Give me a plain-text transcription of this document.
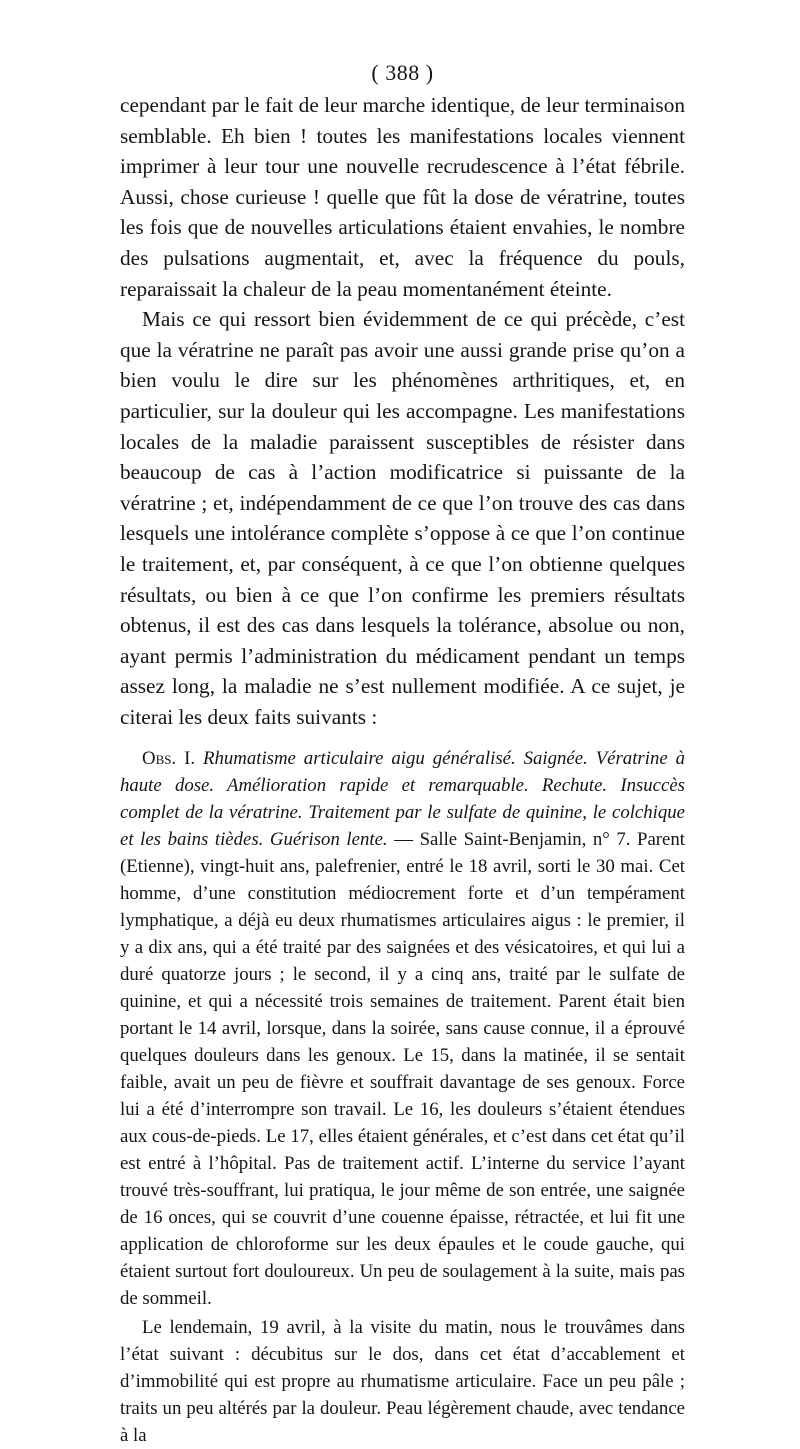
( 388 )

cependant par le fait de leur marche identique, de leur terminaison semblable. Eh bien ! toutes les manifestations locales viennent imprimer à leur tour une nouvelle recrudescence à l’état fébrile. Aussi, chose curieuse ! quelle que fût la dose de vératrine, toutes les fois que de nouvelles articulations étaient envahies, le nombre des pulsations augmentait, et, avec la fréquence du pouls, reparaissait la chaleur de la peau momentanément éteinte.

Mais ce qui ressort bien évidemment de ce qui précède, c’est que la vératrine ne paraît pas avoir une aussi grande prise qu’on a bien voulu le dire sur les phénomènes arthritiques, et, en particulier, sur la douleur qui les accompagne. Les manifestations locales de la maladie paraissent susceptibles de résister dans beaucoup de cas à l’action modificatrice si puissante de la vératrine ; et, indépendamment de ce que l’on trouve des cas dans lesquels une intolérance complète s’oppose à ce que l’on continue le traitement, et, par conséquent, à ce que l’on obtienne quelques résultats, ou bien à ce que l’on confirme les premiers résultats obtenus, il est des cas dans lesquels la tolérance, absolue ou non, ayant permis l’administration du médicament pendant un temps assez long, la maladie ne s’est nullement modifiée. A ce sujet, je citerai les deux faits suivants :

Obs. I. Rhumatisme articulaire aigu généralisé. Saignée. Vératrine à haute dose. Amélioration rapide et remarquable. Rechute. Insuccès complet de la vératrine. Traitement par le sulfate de quinine, le colchique et les bains tièdes. Guérison lente. — Salle Saint-Benjamin, n° 7. Parent (Etienne), vingt-huit ans, palefrenier, entré le 18 avril, sorti le 30 mai. Cet homme, d’une constitution médiocrement forte et d’un tempérament lymphatique, a déjà eu deux rhumatismes articulaires aigus : le premier, il y a dix ans, qui a été traité par des saignées et des vésicatoires, et qui lui a duré quatorze jours ; le second, il y a cinq ans, traité par le sulfate de quinine, et qui a nécessité trois semaines de traitement. Parent était bien portant le 14 avril, lorsque, dans la soirée, sans cause connue, il a éprouvé quelques douleurs dans les genoux. Le 15, dans la matinée, il se sentait faible, avait un peu de fièvre et souffrait davantage de ses genoux. Force lui a été d’interrompre son travail. Le 16, les douleurs s’étaient étendues aux cous-de-pieds. Le 17, elles étaient générales, et c’est dans cet état qu’il est entré à l’hôpital. Pas de traitement actif. L’interne du service l’ayant trouvé très-souffrant, lui pratiqua, le jour même de son entrée, une saignée de 16 onces, qui se couvrit d’une couenne épaisse, rétractée, et lui fit une application de chloroforme sur les deux épaules et le coude gauche, qui étaient surtout fort douloureux. Un peu de soulagement à la suite, mais pas de sommeil.

Le lendemain, 19 avril, à la visite du matin, nous le trouvâmes dans l’état suivant : décubitus sur le dos, dans cet état d’accablement et d’immobilité qui est propre au rhumatisme articulaire. Face un peu pâle ; traits un peu altérés par la douleur. Peau légèrement chaude, avec tendance à la
